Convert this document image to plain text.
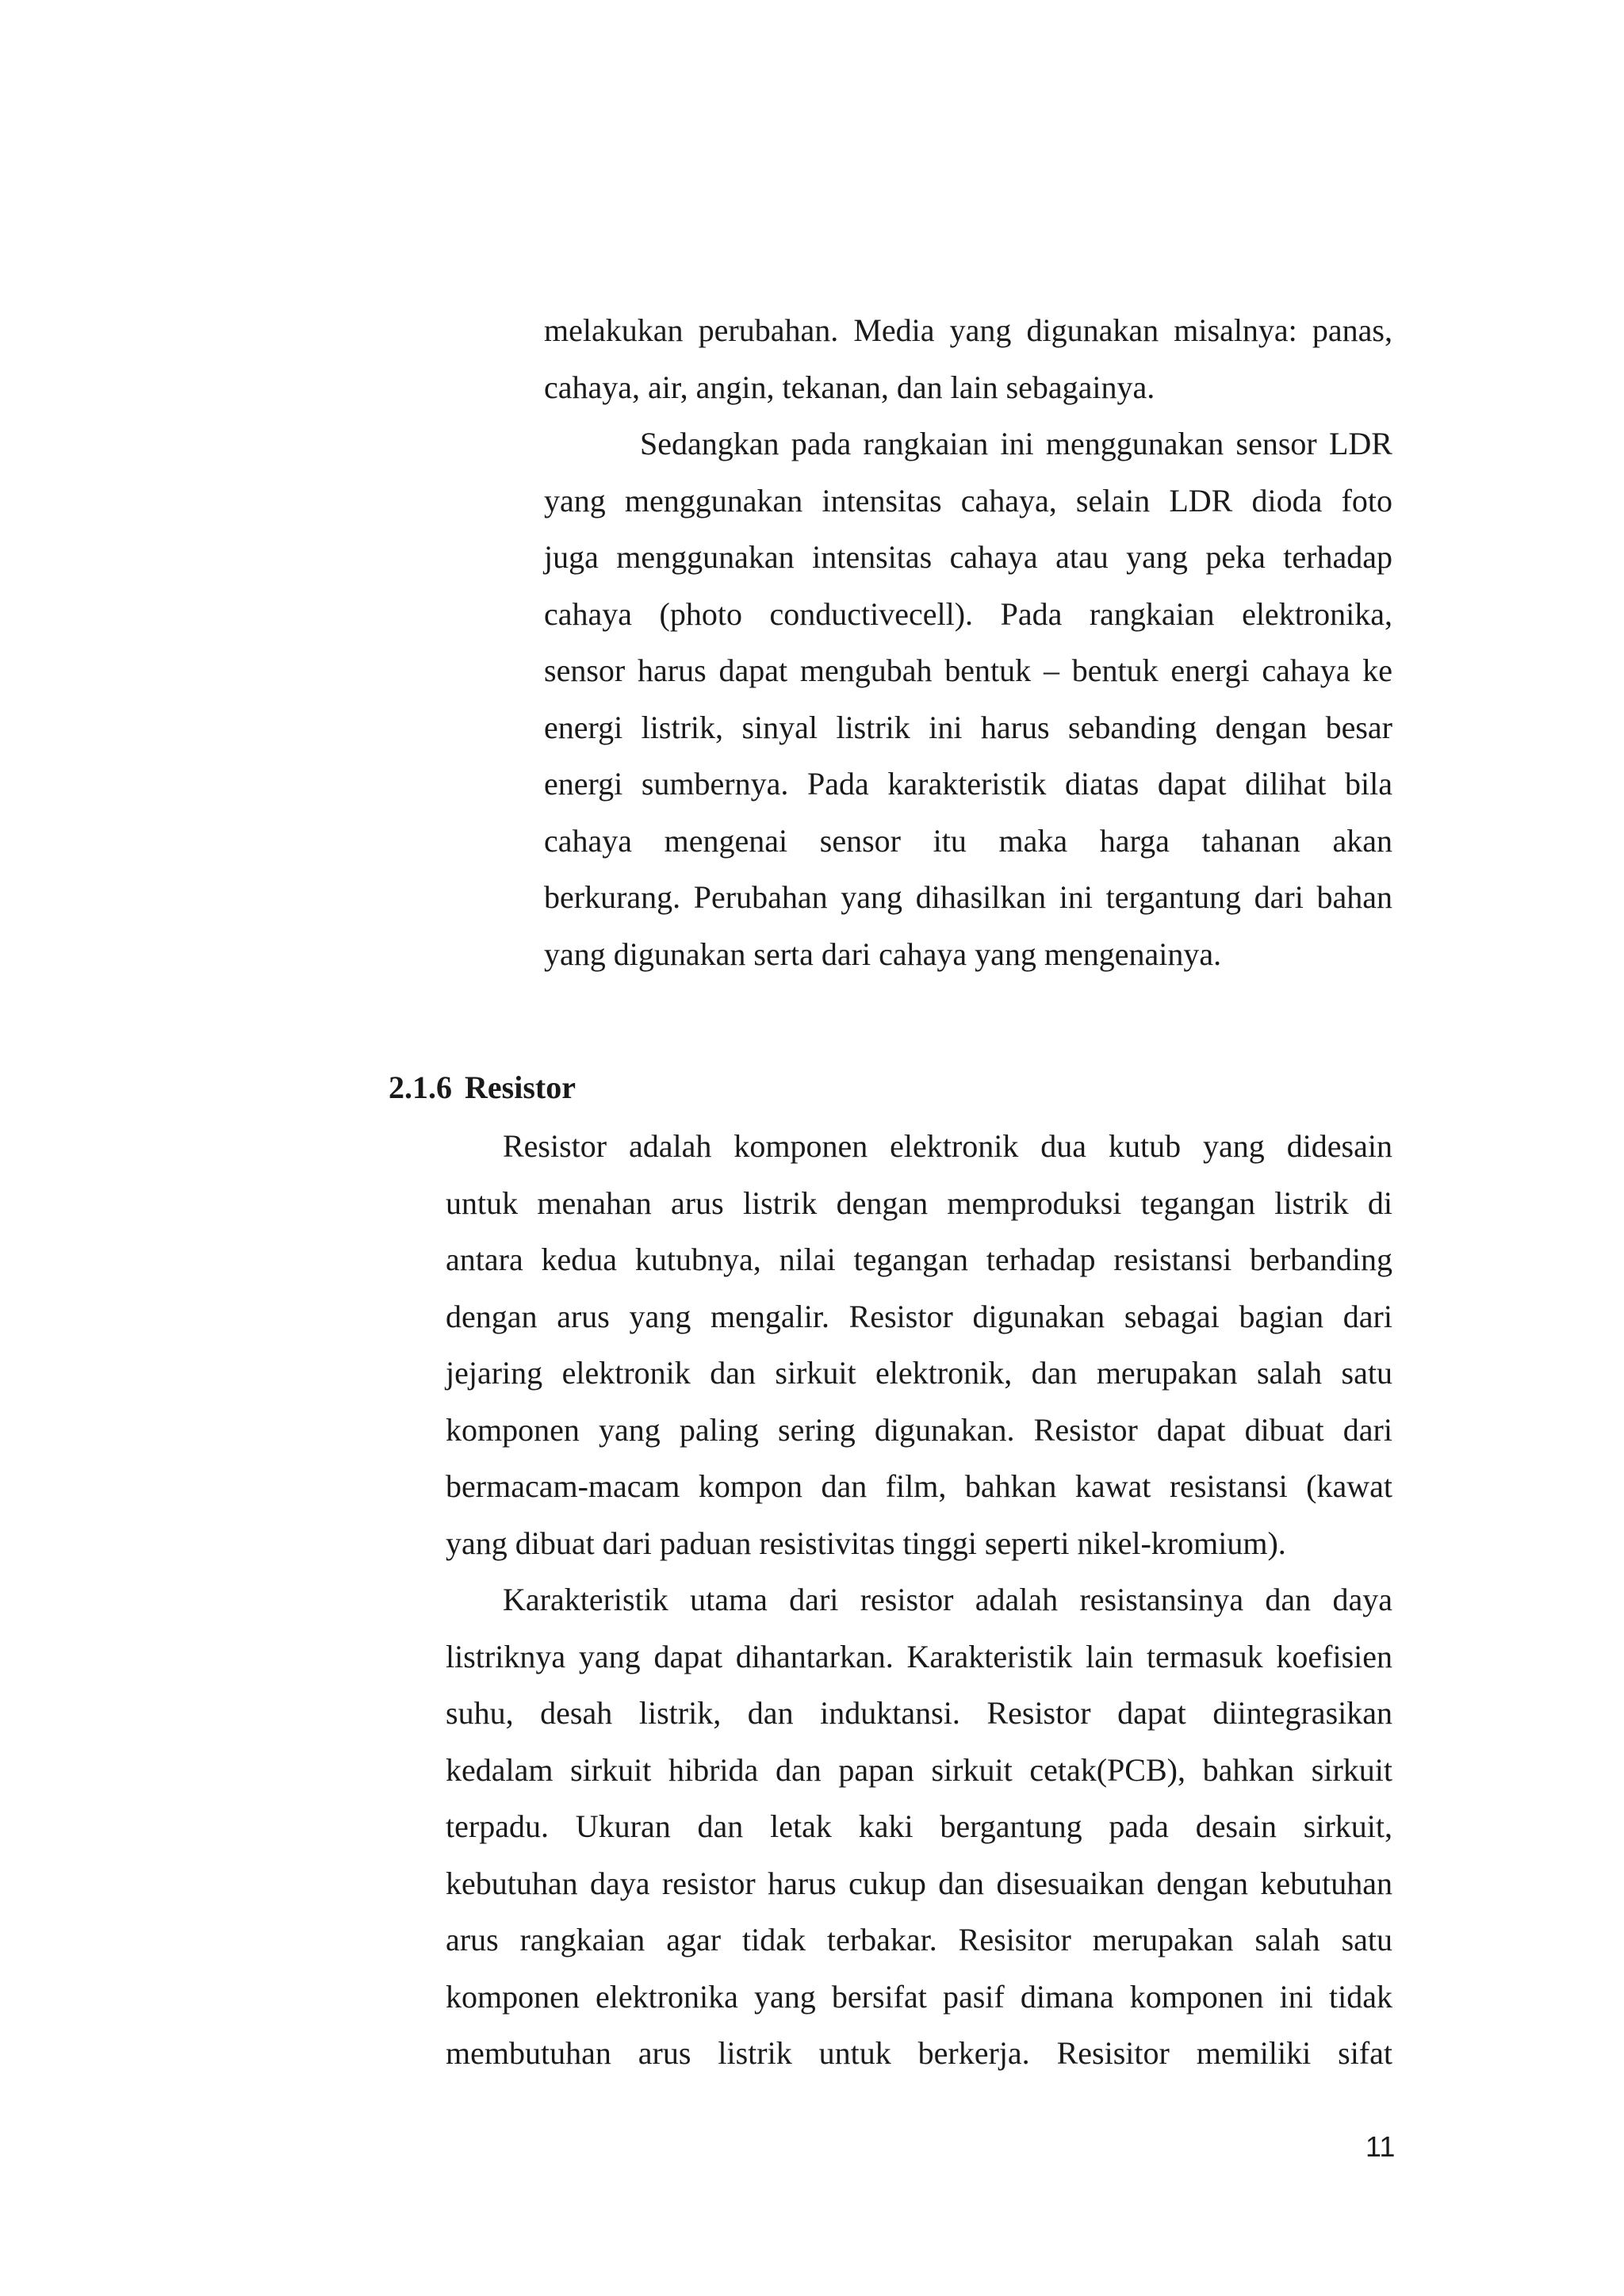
melakukan perubahan. Media yang digunakan misalnya: panas,
cahaya, air, angin, tekanan, dan lain sebagainya.
Sedangkan pada rangkaian ini menggunakan sensor LDR
yang menggunakan intensitas cahaya, selain LDR dioda foto
juga menggunakan intensitas cahaya atau yang peka terhadap
cahaya (photo conductivecell). Pada rangkaian elektronika,
sensor harus dapat mengubah bentuk – bentuk energi cahaya ke
energi listrik, sinyal listrik ini harus sebanding dengan besar
energi sumbernya. Pada karakteristik diatas dapat dilihat bila
cahaya mengenai sensor itu maka harga tahanan akan
berkurang. Perubahan yang dihasilkan ini tergantung dari bahan
yang digunakan serta dari cahaya yang mengenainya.
2.1.6 Resistor
Resistor adalah komponen elektronik dua kutub yang didesain
untuk menahan arus listrik dengan memproduksi tegangan listrik di
antara kedua kutubnya, nilai tegangan terhadap resistansi berbanding
dengan arus yang mengalir. Resistor digunakan sebagai bagian dari
jejaring elektronik dan sirkuit elektronik, dan merupakan salah satu
komponen yang paling sering digunakan. Resistor dapat dibuat dari
bermacam-macam kompon dan film, bahkan kawat resistansi (kawat
yang dibuat dari paduan resistivitas tinggi seperti nikel-kromium).
Karakteristik utama dari resistor adalah resistansinya dan daya
listriknya yang dapat dihantarkan. Karakteristik lain termasuk koefisien
suhu, desah listrik, dan induktansi. Resistor dapat diintegrasikan
kedalam sirkuit hibrida dan papan sirkuit cetak(PCB), bahkan sirkuit
terpadu. Ukuran dan letak kaki bergantung pada desain sirkuit,
kebutuhan daya resistor harus cukup dan disesuaikan dengan kebutuhan
arus rangkaian agar tidak terbakar. Resisitor merupakan salah satu
komponen elektronika yang bersifat pasif dimana komponen ini tidak
membutuhan arus listrik untuk berkerja. Resisitor memiliki sifat
11
